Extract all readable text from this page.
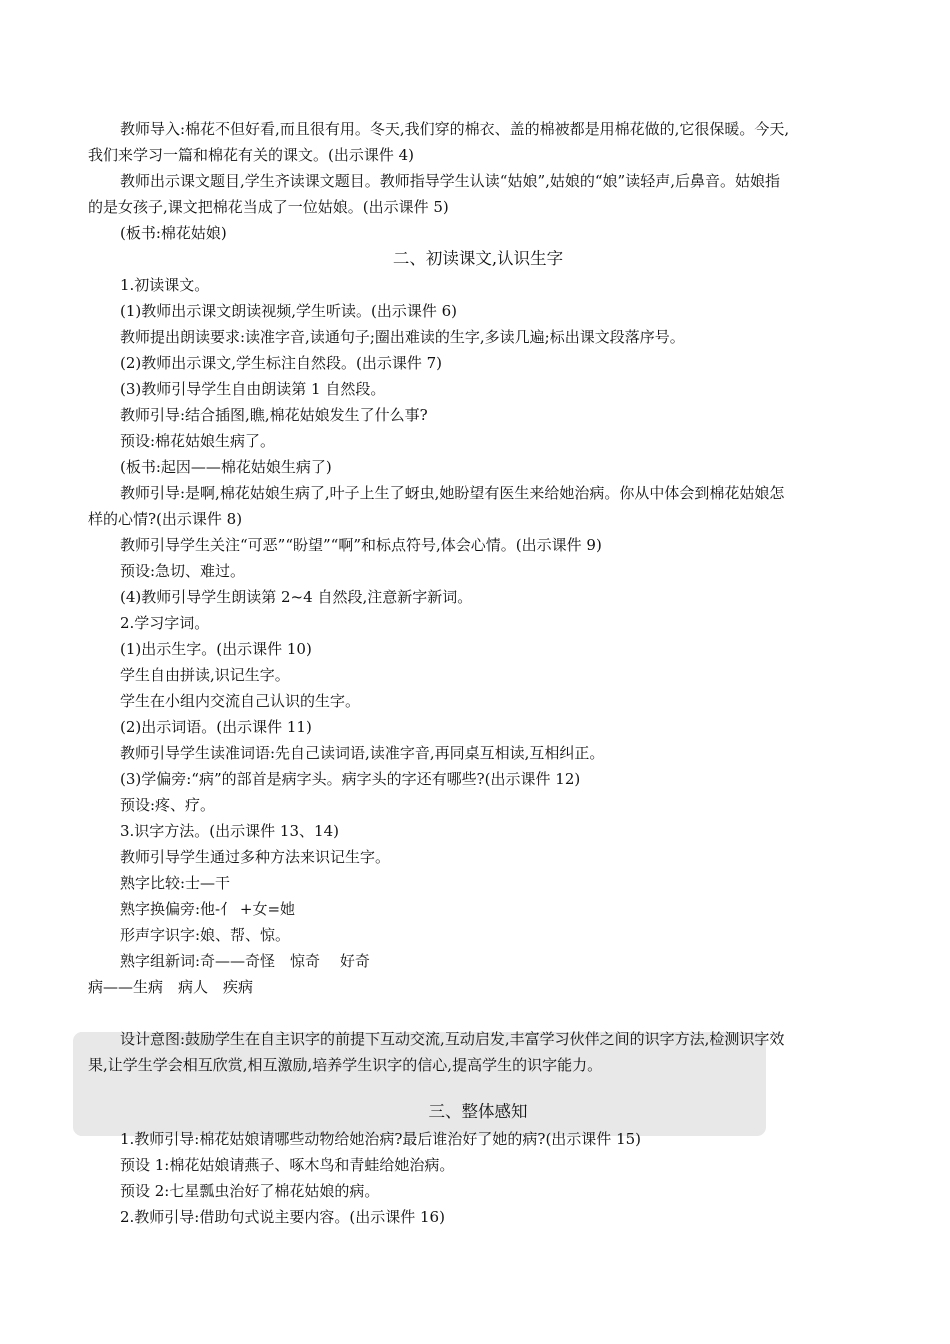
教师导入:棉花不但好看,而且很有用。冬天,我们穿的棉衣、盖的棉被都是用棉花做的,它很保暖。今天,
我们来学习一篇和棉花有关的课文。(出示课件 4)
教师出示课文题目,学生齐读课文题目。教师指导学生认读“姑娘”,姑娘的“娘”读轻声,后鼻音。姑娘指
的是女孩子,课文把棉花当成了一位姑娘。(出示课件 5)
(板书:棉花姑娘)
二、初读课文,认识生字
1.初读课文。
(1)教师出示课文朗读视频,学生听读。(出示课件 6)
教师提出朗读要求:读准字音,读通句子;圈出难读的生字,多读几遍;标出课文段落序号。
(2)教师出示课文,学生标注自然段。(出示课件 7)
(3)教师引导学生自由朗读第 1 自然段。
教师引导:结合插图,瞧,棉花姑娘发生了什么事?
预设:棉花姑娘生病了。
(板书:起因——棉花姑娘生病了)
教师引导:是啊,棉花姑娘生病了,叶子上生了蚜虫,她盼望有医生来给她治病。你从中体会到棉花姑娘怎
样的心情?(出示课件 8)
教师引导学生关注“可恶”“盼望”“啊”和标点符号,体会心情。(出示课件 9)
预设:急切、难过。
(4)教师引导学生朗读第 2~4 自然段,注意新字新词。
2.学习字词。
(1)出示生字。(出示课件 10)
学生自由拼读,识记生字。
学生在小组内交流自己认识的生字。
(2)出示词语。(出示课件 11)
教师引导学生读准词语:先自己读词语,读准字音,再同桌互相读,互相纠正。
(3)学偏旁:“病”的部首是病字头。病字头的字还有哪些?(出示课件 12)
预设:疼、疗。
3.识字方法。(出示课件 13、14)
教师引导学生通过多种方法来识记生字。
熟字比较:士—干
熟字换偏旁:他-亻 +女=她
形声字识字:娘、帮、惊。
熟字组新词:奇——奇怪　惊奇　 好奇
病——生病　病人　疾病
设计意图:鼓励学生在自主识字的前提下互动交流,互动启发,丰富学习伙伴之间的识字方法,检测识字效
果,让学生学会相互欣赏,相互激励,培养学生识字的信心,提高学生的识字能力。
三、整体感知
1.教师引导:棉花姑娘请哪些动物给她治病?最后谁治好了她的病?(出示课件 15)
预设 1:棉花姑娘请燕子、啄木鸟和青蛙给她治病。
预设 2:七星瓢虫治好了棉花姑娘的病。
2.教师引导:借助句式说主要内容。(出示课件 16)
